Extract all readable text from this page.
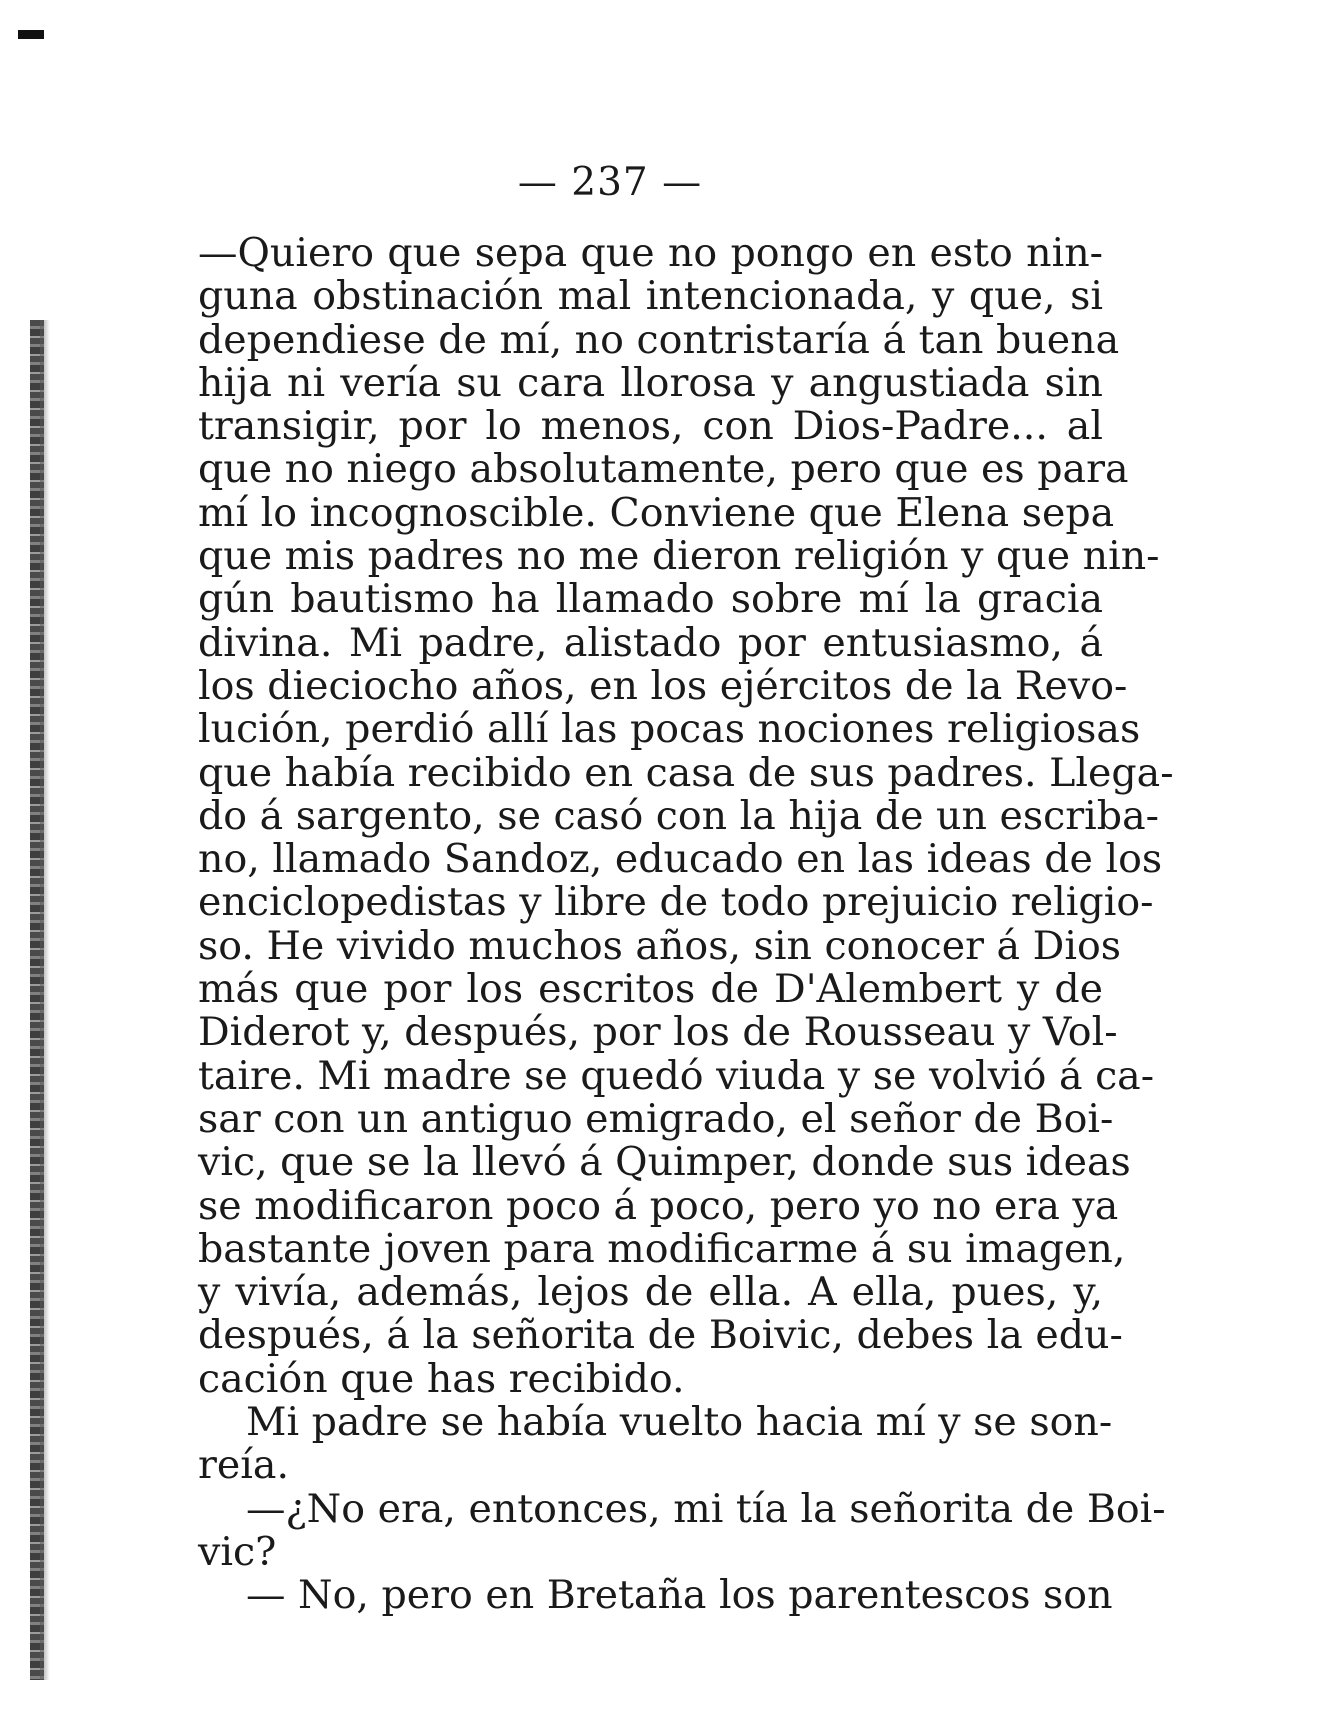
— 237 —

—Quiero que sepa que no pongo en esto nin-
guna obstinación mal intencionada, y que, si
dependiese de mí, no contristaría á tan buena
hija ni vería su cara llorosa y angustiada sin
transigir, por lo menos, con Dios-Padre... al
que no niego absolutamente, pero que es para
mí lo incognoscible. Conviene que Elena sepa
que mis padres no me dieron religión y que nin-
gún bautismo ha llamado sobre mí la gracia
divina. Mi padre, alistado por entusiasmo, á
los dieciocho años, en los ejércitos de la Revo-
lución, perdió allí las pocas nociones religiosas
que había recibido en casa de sus padres. Llega-
do á sargento, se casó con la hija de un escriba-
no, llamado Sandoz, educado en las ideas de los
enciclopedistas y libre de todo prejuicio religio-
so. He vivido muchos años, sin conocer á Dios
más que por los escritos de D'Alembert y de
Diderot y, después, por los de Rousseau y Vol-
taire. Mi madre se quedó viuda y se volvió á ca-
sar con un antiguo emigrado, el señor de Boi-
vic, que se la llevó á Quimper, donde sus ideas
se modificaron poco á poco, pero yo no era ya
bastante joven para modificarme á su imagen,
y vivía, además, lejos de ella. A ella, pues, y,
después, á la señorita de Boivic, debes la edu-
cación que has recibido.
Mi padre se había vuelto hacia mí y se son-
reía.
—¿No era, entonces, mi tía la señorita de Boi-
vic?
— No, pero en Bretaña los parentescos son
